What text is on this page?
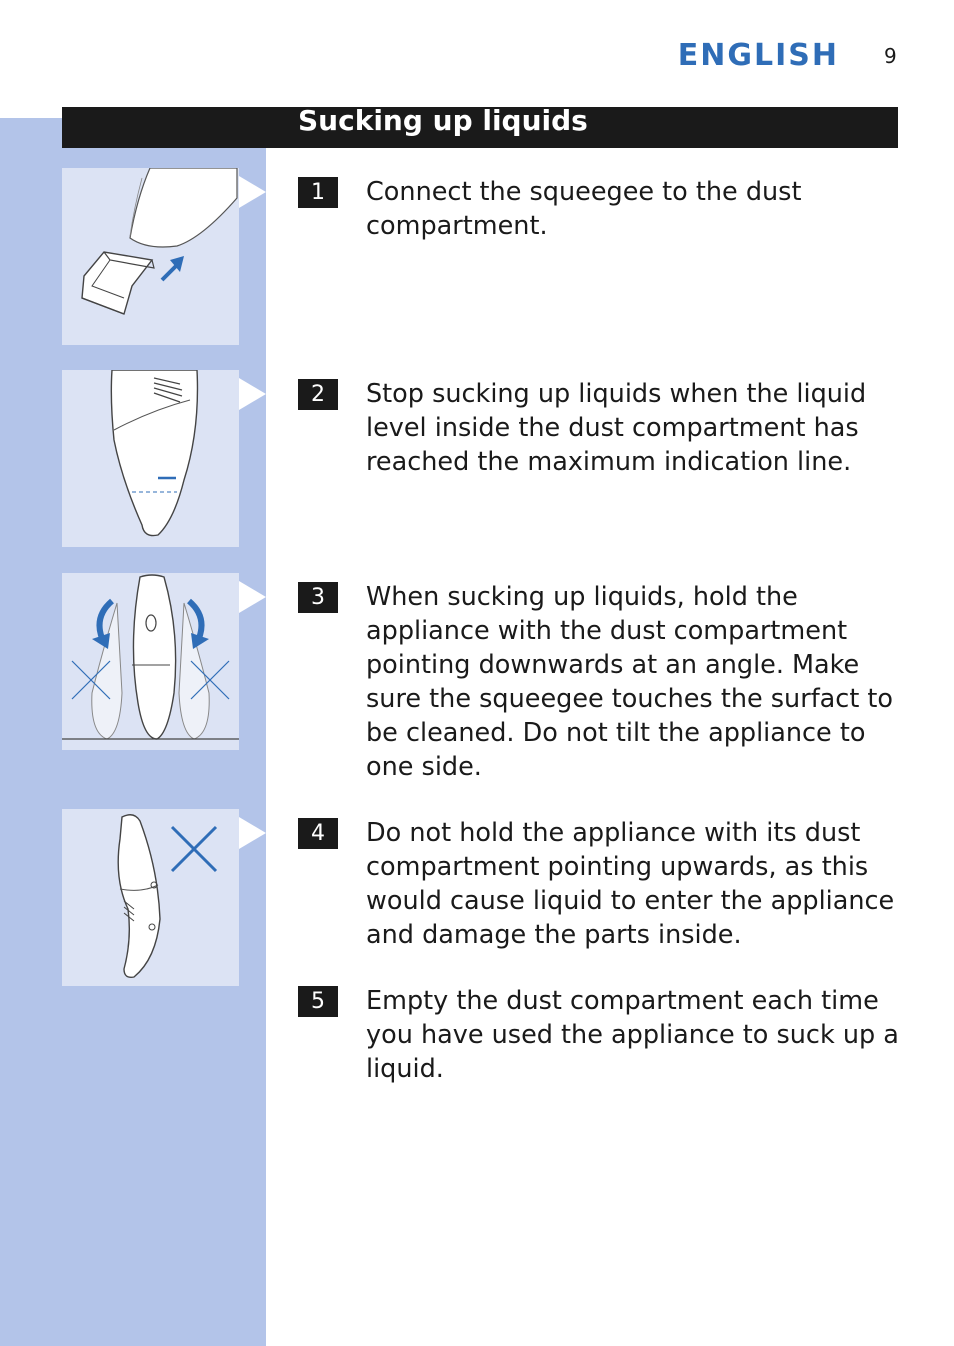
ENGLISH 9
Sucking up liquids
1	Connect the squeegee to the dust compartment.
2	Stop sucking up liquids when the liquid level inside the dust compartment has reached the maximum indication line.
3	When sucking up liquids, hold the appliance with the dust compartment pointing downwards at an angle. Make sure the squeegee touches the surfact to be cleaned. Do not tilt the appliance to one side.
4	Do not hold the appliance with its dust compartment pointing upwards, as this would cause liquid to enter the appliance and damage the parts inside.
5	Empty the dust compartment each time you have used the appliance to suck up a liquid.
